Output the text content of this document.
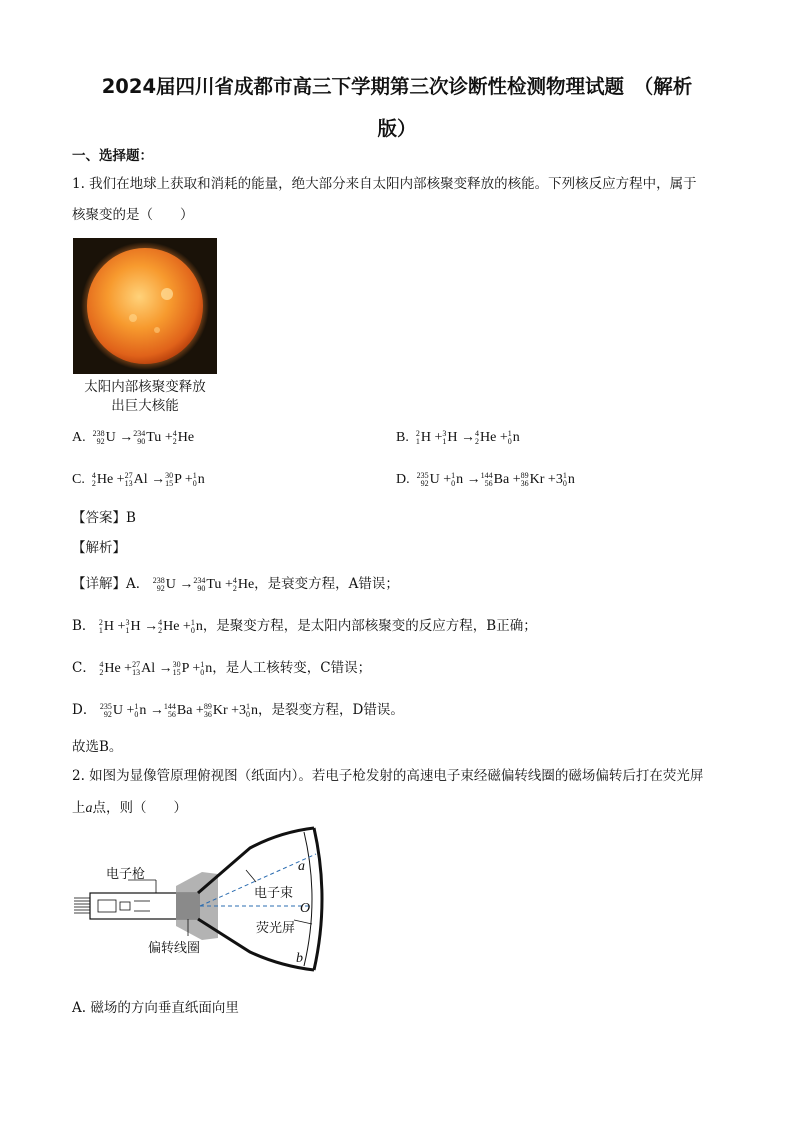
2024届四川省成都市高三下学期第三次诊断性检测物理试题　（解析
版）
一、选择题：
1. 我们在地球上获取和消耗的能量，绝大部分来自太阳内部核聚变释放的核能。下列核反应方程中，属于
核聚变的是（　　）
太阳内部核聚变释放
出巨大核能
A. 238
92 U → 234
90 Tu + 4
2 He	B. 2
1 H + 3
1 H → 4
2 He + 1
0 n
C. 4
2 He + 27
13 Al → 30
15 P + 1
0 n	D. 235
92 U + 1
0 n → 144
56 Ba + 89
36 Kr +3 1
0 n
【答案】B
【解析】
【详解】A． 238
92 U → 234
90 Tu + 4
2 He，是衰变方程，A错误；
B． 2
1 H + 3
1 H → 4
2 He + 1
0 n，是聚变方程，是太阳内部核聚变的反应方程，B正确；
C． 4
2 He + 27
13 Al → 30
15 P + 1
0 n，是人工核转变，C错误；
D． 235
92 U + 1
0 n → 144
56 Ba + 89
36 Kr +3 1
0 n，是裂变方程，D错误。
故选B。
2. 如图为显像管原理俯视图（纸面内）。若电子枪发射的高速电子束经磁偏转线圈的磁场偏转后打在荧光屏
上a点，则（　　）
电子枪
电子束
荧光屏
偏转线圈
a
O
b
A. 磁场的方向垂直纸面向里
